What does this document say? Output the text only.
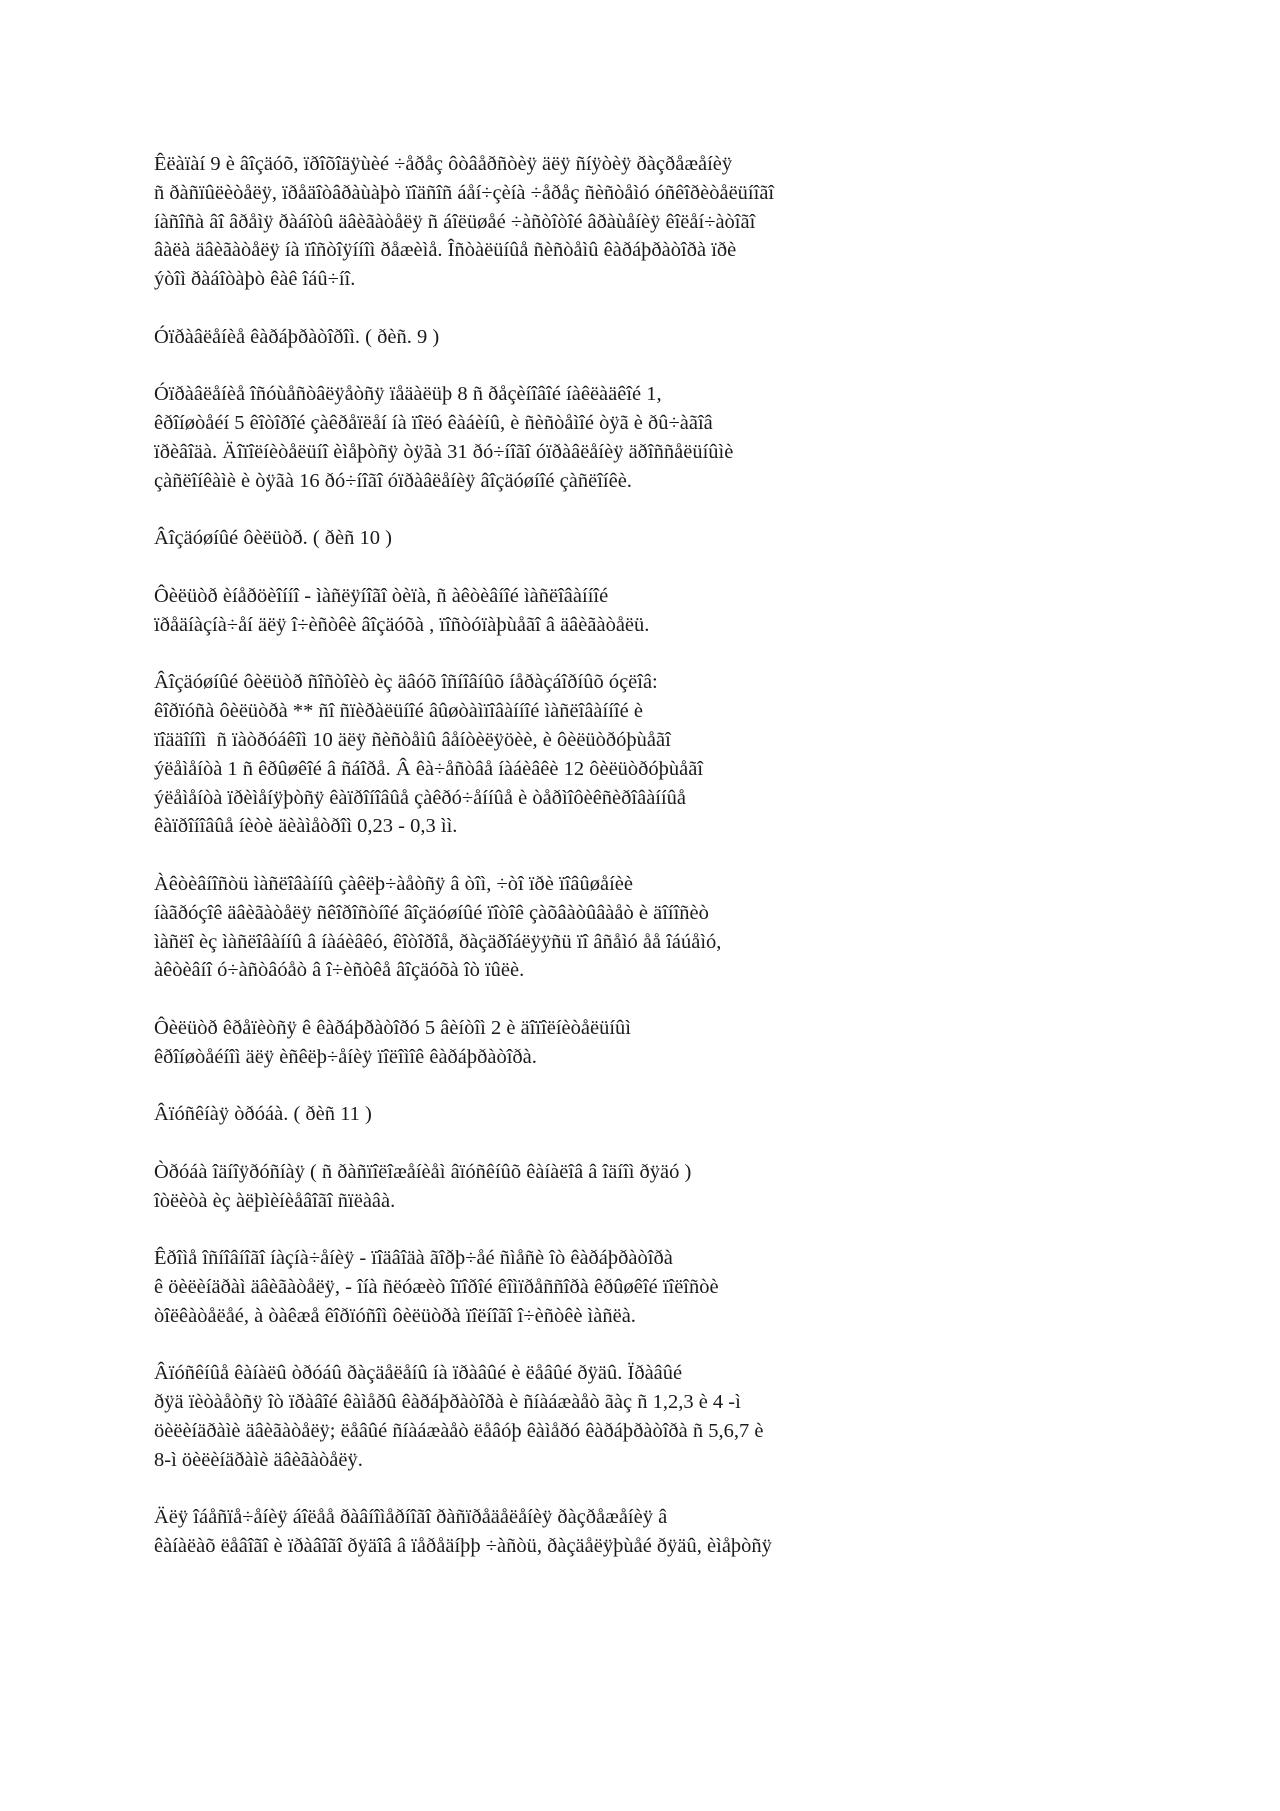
Êëàïàí 9 è âîçäóõ, ïðîõîäÿùèé ÷åðåç ôòâåðñòèÿ äëÿ ñíÿòèÿ ðàçðåæåíèÿ
ñ ðàñïûëèòåëÿ, ïðåäîòâðàùàþò ïîäñîñ áåí÷çèíà ÷åðåç ñèñòåìó óñêîðèòåëüíîãî
íàñîñà âî âðåìÿ ðàáîòû äâèãàòåëÿ ñ áîëüøåé ÷àñòîòîé âðàùåíèÿ êîëåí÷àòîãî
âàëà äâèãàòåëÿ íà ïîñòîÿííîì ðåæèìå. Îñòàëüíûå ñèñòåìû êàðáþðàòîðà ïðè
ýòîì ðàáîòàþò êàê îáû÷íî.
Óïðàâëåíèå êàðáþðàòîðîì. ( ðèñ. 9 )
Óïðàâëåíèå îñóùåñòâëÿåòñÿ ïåäàëüþ 8 ñ ðåçèíîâîé íàêëàäêîé 1,
êðîíøòåéí 5 êîòîðîé çàêðåïëåí íà ïîëó êàáèíû, è ñèñòåìîé òÿã è ðû÷àãîâ
ïðèâîäà. Äîïîëíèòåëüíî èìåþòñÿ òÿãà 31 ðó÷íîãî óïðàâëåíèÿ äðîññåëüíûìè
çàñëîíêàìè è òÿãà 16 ðó÷íîãî óïðàâëåíèÿ âîçäóøíîé çàñëîíêè.
Âîçäóøíûé ôèëüòð. ( ðèñ 10 )
Ôèëüòð èíåðöèîííî - ìàñëÿíîãî òèïà, ñ àêòèâíîé ìàñëîâàííîé
ïðåäíàçíà÷åí äëÿ î÷èñòêè âîçäóõà , ïîñòóïàþùåãî â äâèãàòåëü.
Âîçäóøíûé ôèëüòð ñîñòîèò èç äâóõ îñíîâíûõ íåðàçáîðíûõ óçëîâ:
êîðïóñà ôèëüòðà ** ñî ñïèðàëüíîé âûøòàìïîâàííîé ìàñëîâàííîé è
ïîääîíîì  ñ ïàòðóáêîì 10 äëÿ ñèñòåìû âåíòèëÿöèè, è ôèëüòðóþùåãî
ýëåìåíòà 1 ñ êðûøêîé â ñáîðå. Â êà÷åñòâå íàáèâêè 12 ôèëüòðóþùåãî
ýëåìåíòà ïðèìåíÿþòñÿ êàïðîíîâûå çàêðó÷åííûå è òåðìîôèêñèðîâàííûå
êàïðîíîâûå íèòè äèàìåòðîì 0,23 - 0,3 ìì.
Àêòèâíîñòü ìàñëîâàííû çàêëþ÷àåòñÿ â òîì, ÷òî ïðè ïîâûøåíèè
íàãðóçîê äâèãàòåëÿ ñêîðîñòíîé âîçäóøíûé ïîòîê çàõâàòûâàåò è äîíîñèò
ìàñëî èç ìàñëîâàííû â íàáèâêó, êîòîðîå, ðàçäðîáëÿÿñü ïî âñåìó åå îáúåìó,
àêòèâíî ó÷àñòâóåò â î÷èñòêå âîçäóõà îò ïûëè.
Ôèëüòð êðåïèòñÿ ê êàðáþðàòîðó 5 âèíòîì 2 è äîïîëíèòåëüíûì
êðîíøòåéíîì äëÿ èñêëþ÷åíèÿ ïîëîìîê êàðáþðàòîðà.
Âïóñêíàÿ òðóáà. ( ðèñ 11 )
Òðóáà îäíîÿðóñíàÿ ( ñ ðàñïîëîæåíèåì âïóñêíûõ êàíàëîâ â îäíîì ðÿäó )
îòëèòà èç àëþìèíèåâîãî ñïëàâà.
Êðîìå îñíîâíîãî íàçíà÷åíèÿ - ïîäâîäà ãîðþ÷åé ñìåñè îò êàðáþðàòîðà
ê öèëèíäðàì äâèãàòåëÿ, - îíà ñëóæèò îïîðîé êîìïðåññîðà êðûøêîé ïîëîñòè
òîëêàòåëåé, à òàêæå êîðïóñîì ôèëüòðà ïîëíîãî î÷èñòêè ìàñëà.
Âïóñêíûå êàíàëû òðóáû ðàçäåëåíû íà ïðàâûé è ëåâûé ðÿäû. Ïðàâûé
ðÿä ïèòàåòñÿ îò ïðàâîé êàìåðû êàðáþðàòîðà è ñíàáæàåò ãàç ñ 1,2,3 è 4 -ì
öèëèíäðàìè äâèãàòåëÿ; ëåâûé ñíàáæàåò ëåâóþ êàìåðó êàðáþðàòîðà ñ 5,6,7 è
8-ì öèëèíäðàìè äâèãàòåëÿ.
Äëÿ îáåñïå÷åíèÿ áîëåå ðàâíîìåðíîãî ðàñïðåäåëåíèÿ ðàçðåæåíèÿ â
êàíàëàõ ëåâîãî è ïðàâîãî ðÿäîâ â ïåðåäíþþ ÷àñòü, ðàçäåëÿþùåé ðÿäû, èìåþòñÿ
